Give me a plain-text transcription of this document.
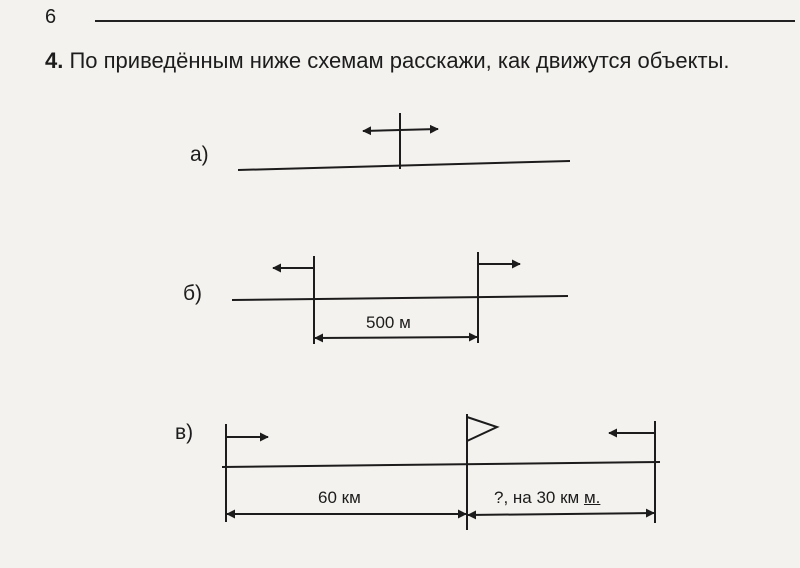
6
4. По приведённым ниже схемам расскажи, как движутся объекты.
а)
б)
500 м
в)
60 км	?, на 30 км м.
